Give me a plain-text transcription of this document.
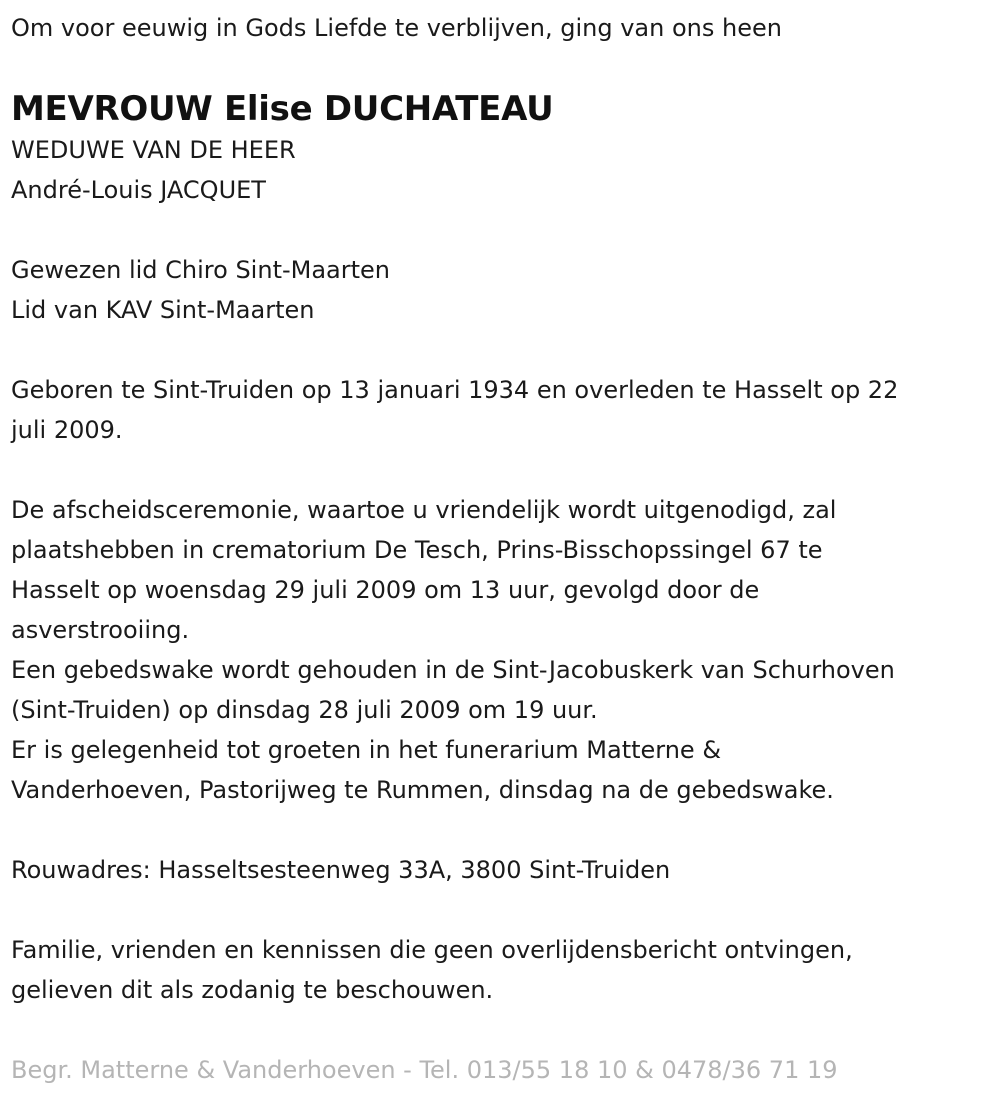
Om voor eeuwig in Gods Liefde te verblijven, ging van ons heen
MEVROUW Elise DUCHATEAU
WEDUWE VAN DE HEER
André-Louis JACQUET
Gewezen lid Chiro Sint-Maarten
Lid van KAV Sint-Maarten
Geboren te Sint-Truiden op 13 januari 1934 en overleden te Hasselt op 22
juli 2009.
De afscheidsceremonie, waartoe u vriendelijk wordt uitgenodigd, zal
plaatshebben in crematorium De Tesch, Prins-Bisschopssingel 67 te
Hasselt op woensdag 29 juli 2009 om 13 uur, gevolgd door de
asverstrooiing.
Een gebedswake wordt gehouden in de Sint-Jacobuskerk van Schurhoven
(Sint-Truiden) op dinsdag 28 juli 2009 om 19 uur.
Er is gelegenheid tot groeten in het funerarium Matterne &
Vanderhoeven, Pastorijweg te Rummen, dinsdag na de gebedswake.
Rouwadres: Hasseltsesteenweg 33A, 3800 Sint-Truiden
Familie, vrienden en kennissen die geen overlijdensbericht ontvingen,
gelieven dit als zodanig te beschouwen.
Begr. Matterne & Vanderhoeven - Tel. 013/55 18 10 & 0478/36 71 19
